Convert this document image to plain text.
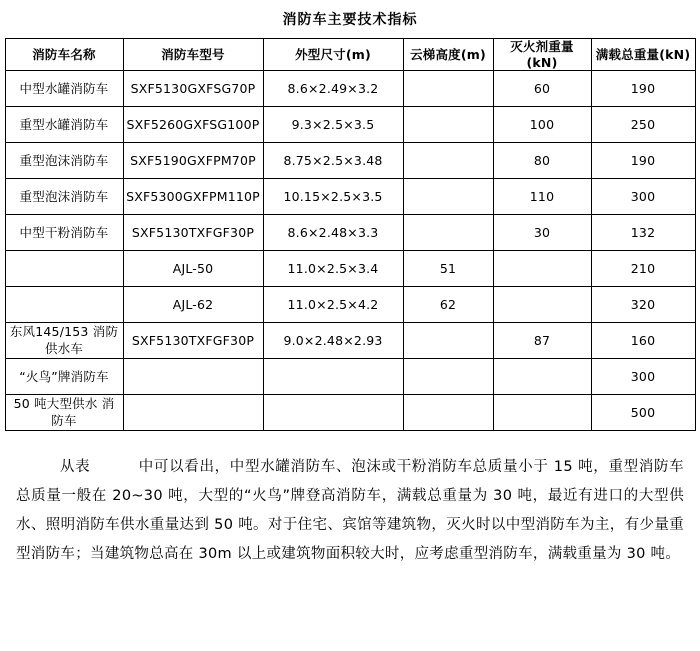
消防车主要技术指标
消防车名称	消防车型号	外型尺寸(m)	云梯高度(m)	灭火剂重量(kN)	满载总重量(kN)
中型水罐消防车	SXF5130GXFSG70P	8.6×2.49×3.2		60	190
重型水罐消防车	SXF5260GXFSG100P	9.3×2.5×3.5		100	250
重型泡沫消防车	SXF5190GXFPM70P	8.75×2.5×3.48		80	190
重型泡沫消防车	SXF5300GXFPM110P	10.15×2.5×3.5		110	300
中型干粉消防车	SXF5130TXFGF30P	8.6×2.48×3.3		30	132
	AJL-50	11.0×2.5×3.4	51		210
	AJL-62	11.0×2.5×4.2	62		320
东风145/153 消防 供水车	SXF5130TXFGF30P	9.0×2.48×2.93		87	160
“火鸟”牌消防车					300
50 吨大型供水 消防车					500

从表	中可以看出，中型水罐消防车、泡沫或干粉消防车总质量小于 15 吨，重型消防车总质量一般在 20~30 吨，大型的“火鸟”牌登高消防车，满载总重量为 30 吨，最近有进口的大型供水、照明消防车供水重量达到 50 吨。对于住宅、宾馆等建筑物，灭火时以中型消防车为主，有少量重型消防车；当建筑物总高在 30m 以上或建筑物面积较大时，应考虑重型消防车，满载重量为 30 吨。
